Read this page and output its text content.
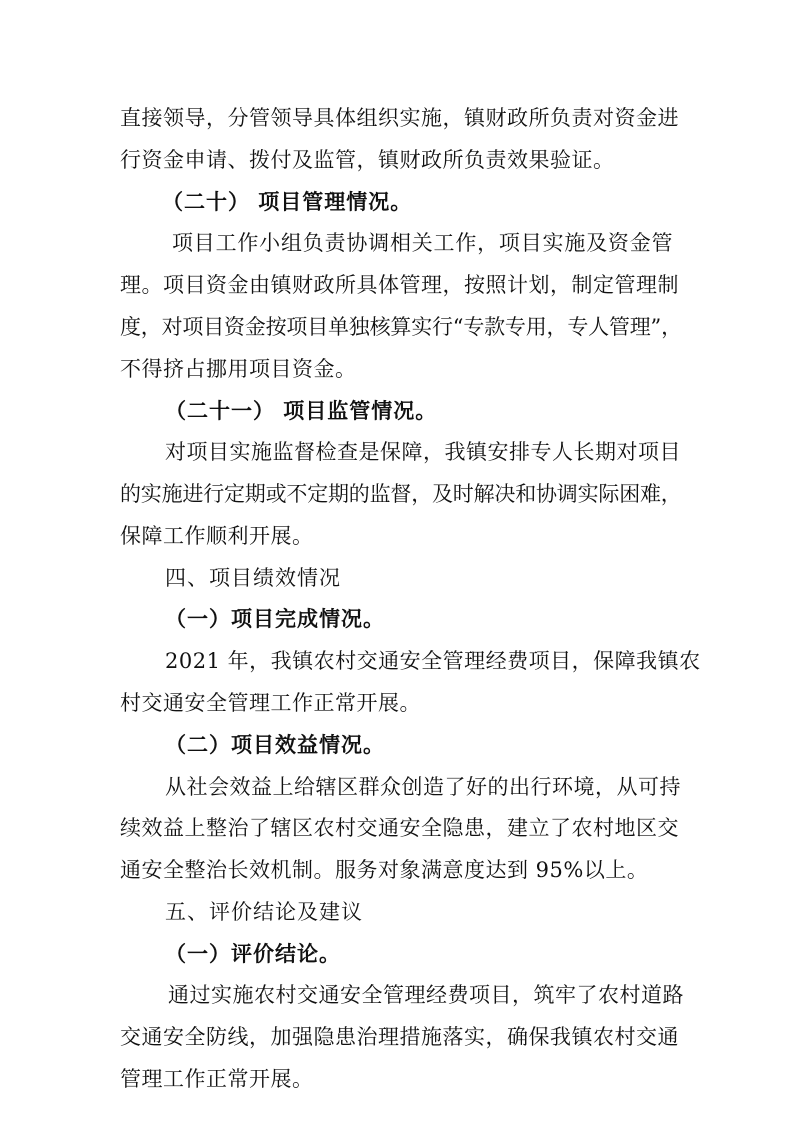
直接领导，分管领导具体组织实施，镇财政所负责对资金进
行资金申请、拨付及监管，镇财政所负责效果验证。
（二十） 项目管理情况。
项目工作小组负责协调相关工作，项目实施及资金管
理。项目资金由镇财政所具体管理，按照计划，制定管理制
度，对项目资金按项目单独核算实行“专款专用，专人管理”，
不得挤占挪用项目资金。
（二十一） 项目监管情况。
对项目实施监督检查是保障，我镇安排专人长期对项目
的实施进行定期或不定期的监督，及时解决和协调实际困难，
保障工作顺利开展。
四、项目绩效情况
（一）项目完成情况。
2021 年，我镇农村交通安全管理经费项目，保障我镇农
村交通安全管理工作正常开展。
（二）项目效益情况。
从社会效益上给辖区群众创造了好的出行环境，从可持
续效益上整治了辖区农村交通安全隐患，建立了农村地区交
通安全整治长效机制。服务对象满意度达到 95%以上。
五、评价结论及建议
（一）评价结论。
通过实施农村交通安全管理经费项目，筑牢了农村道路
交通安全防线，加强隐患治理措施落实，确保我镇农村交通
管理工作正常开展。
